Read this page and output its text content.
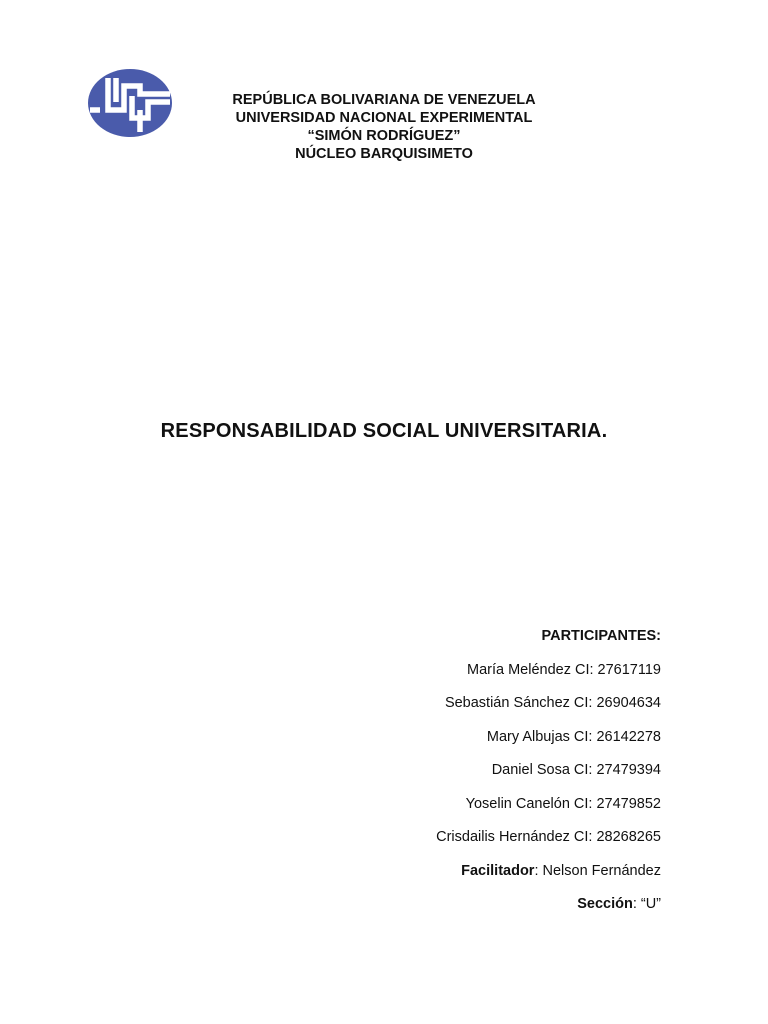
REPÚBLICA BOLIVARIANA DE VENEZUELA
UNIVERSIDAD NACIONAL EXPERIMENTAL
“SIMÓN RODRÍGUEZ”
NÚCLEO BARQUISIMETO
RESPONSABILIDAD SOCIAL UNIVERSITARIA.
PARTICIPANTES:
María Meléndez CI: 27617119
Sebastián Sánchez CI: 26904634
Mary Albujas CI: 26142278
Daniel Sosa CI: 27479394
Yoselin Canelón CI: 27479852
Crisdailis Hernández CI: 28268265
Facilitador: Nelson Fernández
Sección: “U”
